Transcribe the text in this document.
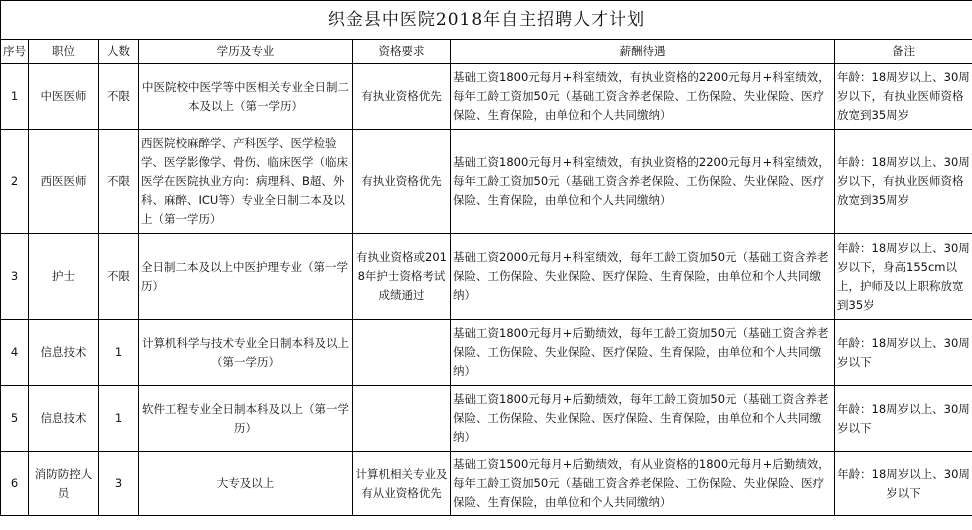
织金县中医院2018年自主招聘人才计划						
序号	职位	人数	学历及专业	资格要求	薪酬待遇	备注
1	中医医师	不限	中医院校中医学等中医相关专业全日制二本及以上（第一学历）	有执业资格优先	基础工资1800元每月+科室绩效，有执业资格的2200元每月+科室绩效，每年工龄工资加50元（基础工资含养老保险、工伤保险、失业保险、医疗保险、生育保险，由单位和个人共同缴纳）	年龄：18周岁以上、30周岁以下，有执业医师资格放宽到35周岁
2	西医医师	不限	西医院校麻醉学、产科医学、医学检验学、医学影像学、骨伤、临床医学（临床医学在医院执业方向：病理科、B超、外科、麻醉、ICU等）专业全日制二本及以上（第一学历）	有执业资格优先	基础工资1800元每月+科室绩效，有执业资格的2200元每月+科室绩效，每年工龄工资加50元（基础工资含养老保险、工伤保险、失业保险、医疗保险、生育保险，由单位和个人共同缴纳）	年龄：18周岁以上、30周岁以下，有执业医师资格放宽到35周岁
3	护士	不限	全日制二本及以上中医护理专业（第一学历）	有执业资格或2018年护士资格考试成绩通过	基础工资2000元每月+科室绩效，每年工龄工资加50元（基础工资含养老保险、工伤保险、失业保险、医疗保险、生育保险，由单位和个人共同缴纳）	年龄：18周岁以上、30周岁以下，身高155cm以上，护师及以上职称放宽到35岁
4	信息技术	1	计算机科学与技术专业全日制本科及以上（第一学历）		基础工资1800元每月+后勤绩效，每年工龄工资加50元（基础工资含养老保险、工伤保险、失业保险、医疗保险、生育保险，由单位和个人共同缴纳）	年龄：18周岁以上、30周岁以下
5	信息技术	1	软件工程专业全日制本科及以上（第一学历）		基础工资1800元每月+后勤绩效，每年工龄工资加50元（基础工资含养老保险、工伤保险、失业保险、医疗保险、生育保险，由单位和个人共同缴纳）	年龄：18周岁以上、30周岁以下
6	消防防控人员	3	大专及以上	计算机相关专业及有从业资格优先	基础工资1500元每月+后勤绩效，有从业资格的1800元每月+后勤绩效，每年工龄工资加50元（基础工资含养老保险、工伤保险、失业保险、医疗保险、生育保险，由单位和个人共同缴纳）	年龄：18周岁以上、30周岁以下
